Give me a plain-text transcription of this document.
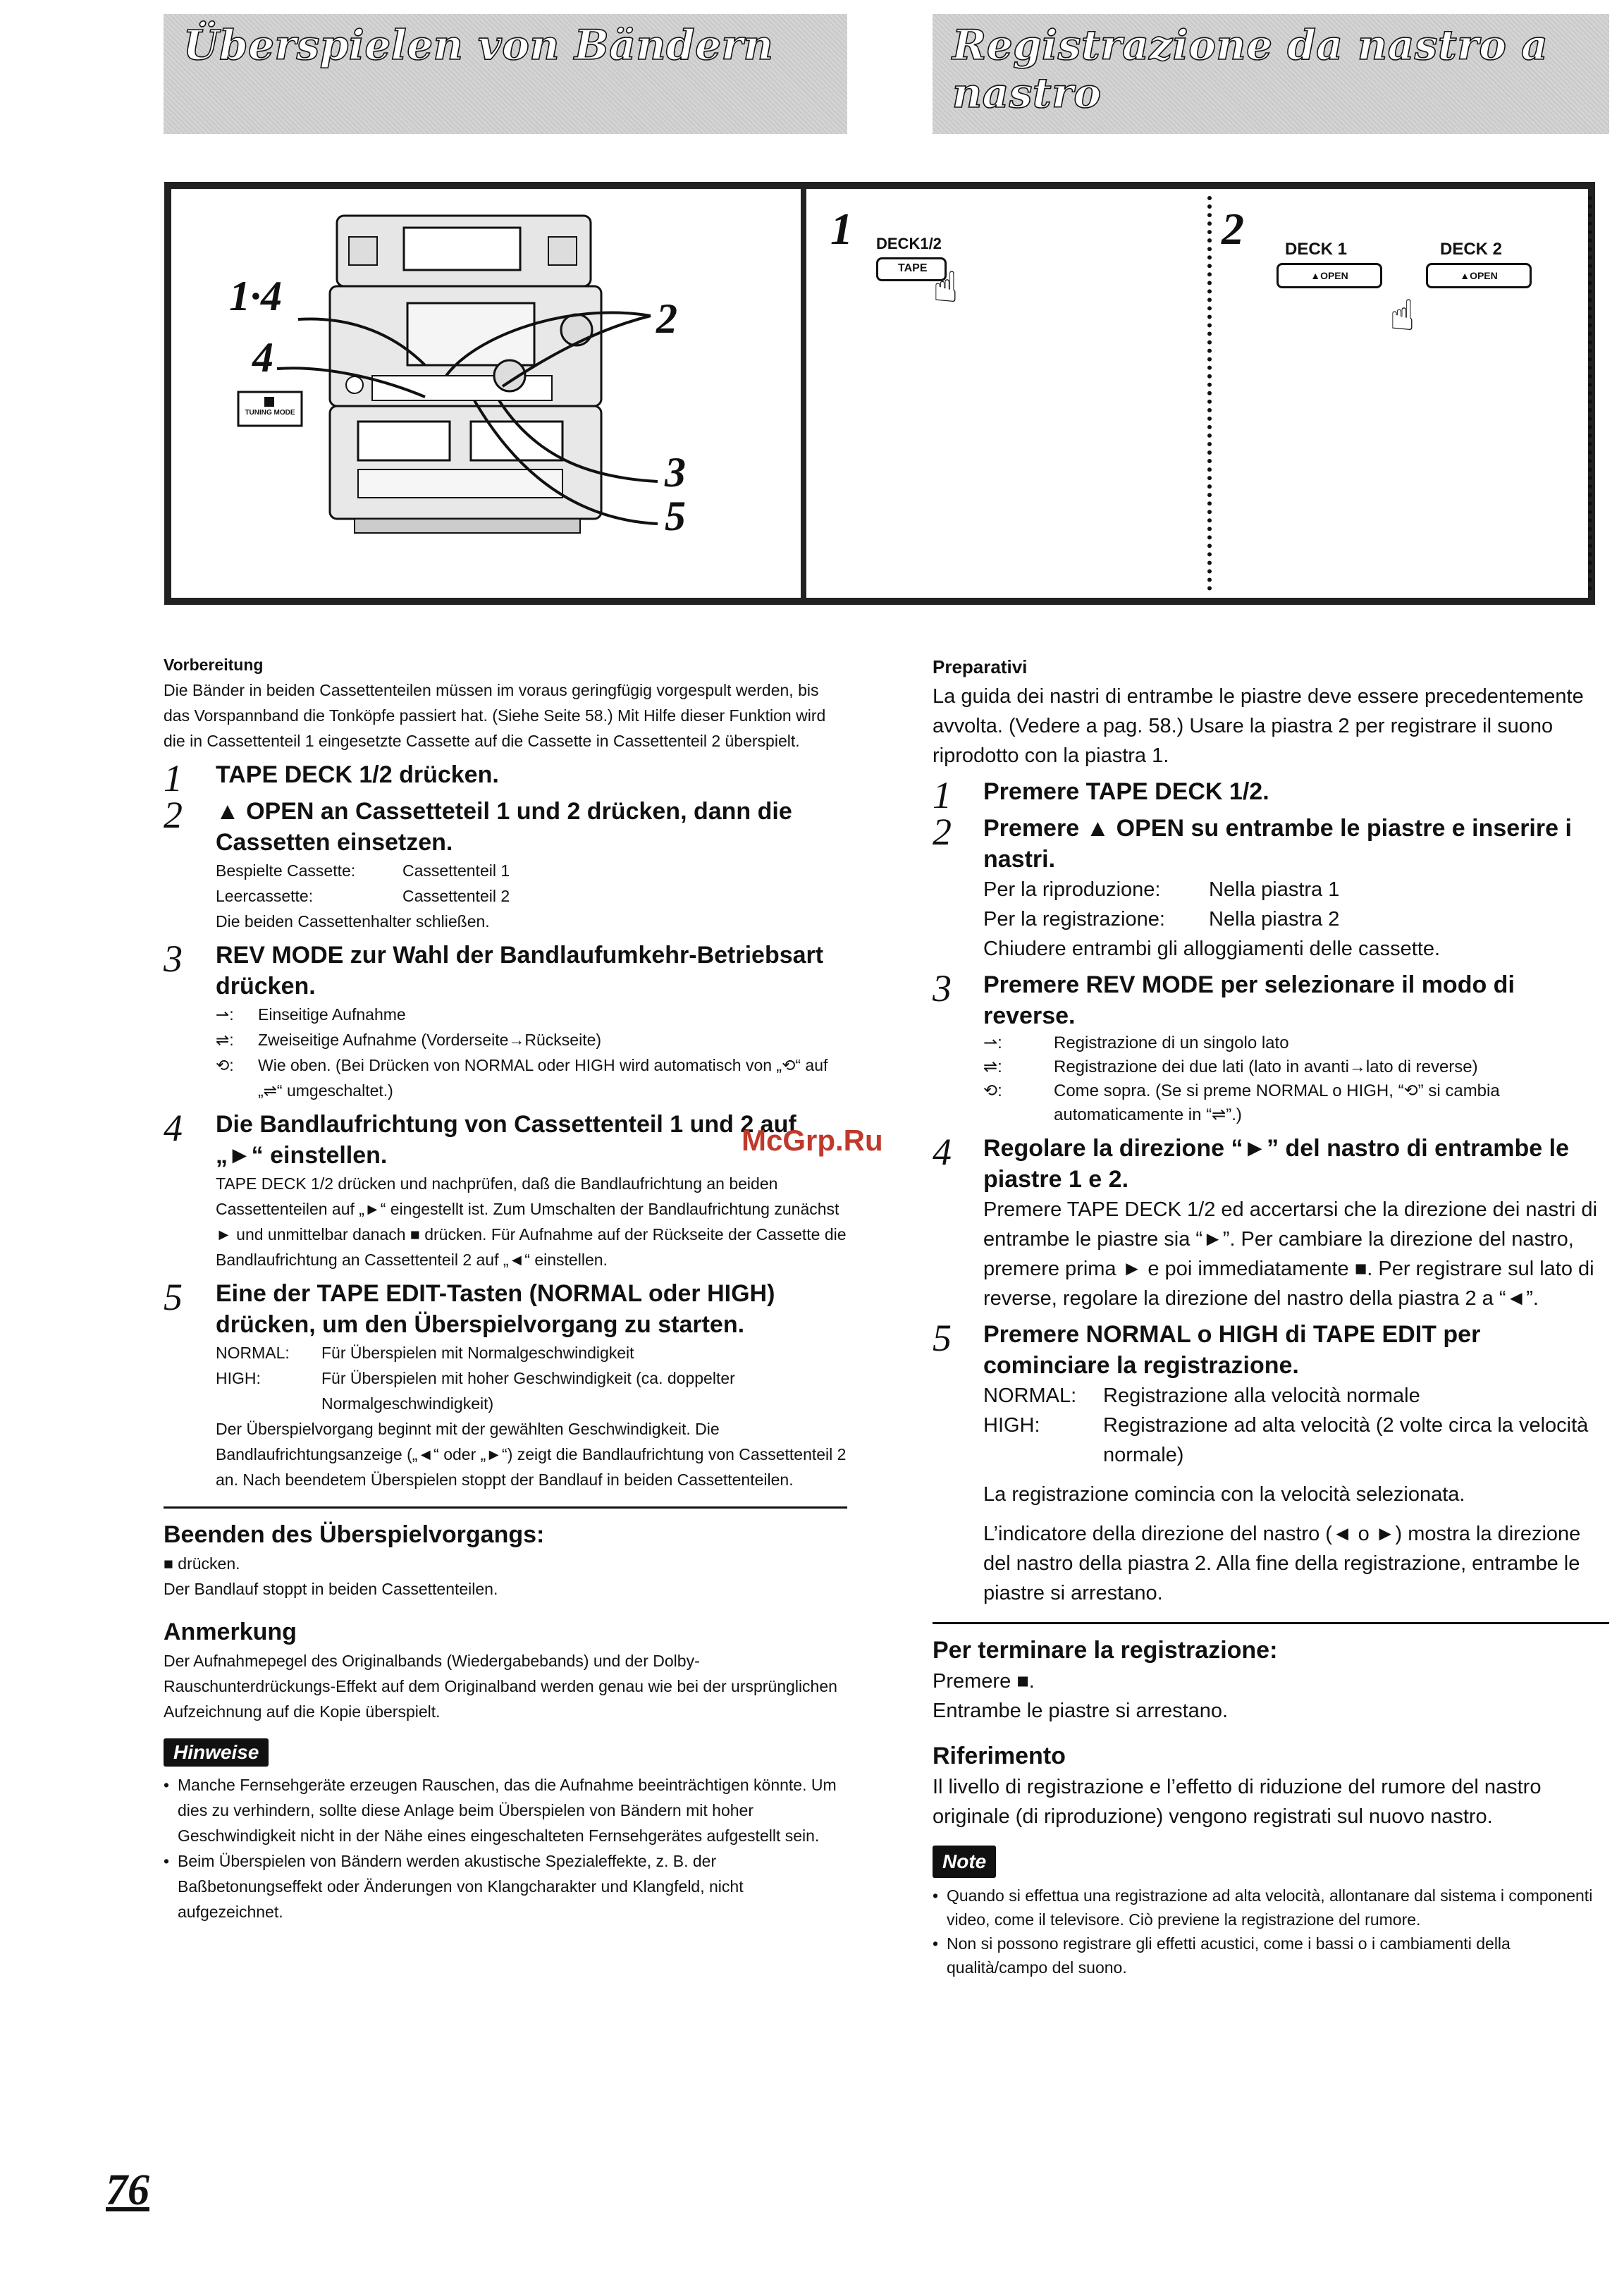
Überspielen von Bändern	Registrazione da nastro a nastro
1·4	2
4
3
5
TUNING MODE
1 DECK1/2
TAPE ☝
2 DECK 1	DECK 2
▲OPEN	▲OPEN
☝
Vorbereitung
Die Bänder in beiden Cassettenteilen müssen im voraus geringfügig vorgespult werden, bis das Vorspannband die Tonköpfe passiert hat. (Siehe Seite 58.) Mit Hilfe dieser Funktion wird die in Cassettenteil 1 eingesetzte Cassette auf die Cassette in Cassettenteil 2 überspielt.
1 TAPE DECK 1/2 drücken.
2 ▲ OPEN an Cassetteteil 1 und 2 drücken, dann die Cassetten einsetzen.
Bespielte Cassette:	Cassettenteil 1
Leercassette:	Cassettenteil 2
Die beiden Cassettenhalter schließen.
3 REV MODE zur Wahl der Bandlaufumkehr-Betriebsart drücken.
⇀:	Einseitige Aufnahme
⇌:	Zweiseitige Aufnahme (Vorderseite→Rückseite)
⟲:	Wie oben. (Bei Drücken von NORMAL oder HIGH wird automatisch von „⟲“ auf „⇌“ umgeschaltet.)
4 Die Bandlaufrichtung von Cassettenteil 1 und 2 auf „►“ einstellen.
TAPE DECK 1/2 drücken und nachprüfen, daß die Bandlaufrichtung an beiden Cassettenteilen auf „►“ eingestellt ist. Zum Umschalten der Bandlaufrichtung zunächst ► und unmittelbar danach ■ drücken. Für Aufnahme auf der Rückseite der Cassette die Bandlaufrichtung an Cassettenteil 2 auf „◄“ einstellen.
5 Eine der TAPE EDIT-Tasten (NORMAL oder HIGH) drücken, um den Überspielvorgang zu starten.
NORMAL:	Für Überspielen mit Normalgeschwindigkeit
HIGH:	Für Überspielen mit hoher Geschwindigkeit (ca. doppelter Normalgeschwindigkeit)
Der Überspielvorgang beginnt mit der gewählten Geschwindigkeit. Die Bandlaufrichtungsanzeige („◄“ oder „►“) zeigt die Bandlaufrichtung von Cassettenteil 2 an. Nach beendetem Überspielen stoppt der Bandlauf in beiden Cassettenteilen.
Beenden des Überspielvorgangs:
■ drücken.
Der Bandlauf stoppt in beiden Cassettenteilen.
Anmerkung
Der Aufnahmepegel des Originalbands (Wiedergabebands) und der Dolby-Rauschunterdrückungs-Effekt auf dem Originalband werden genau wie bei der ursprünglichen Aufzeichnung auf die Kopie überspielt.
Hinweise
• Manche Fernsehgeräte erzeugen Rauschen, das die Aufnahme beeinträchtigen könnte. Um dies zu verhindern, sollte diese Anlage beim Überspielen von Bändern mit hoher Geschwindigkeit nicht in der Nähe eines eingeschalteten Fernsehgerätes aufgestellt sein.
• Beim Überspielen von Bändern werden akustische Spezialeffekte, z. B. der Baßbetonungseffekt oder Änderungen von Klangcharakter und Klangfeld, nicht aufgezeichnet.
Preparativi
La guida dei nastri di entrambe le piastre deve essere precedentemente avvolta. (Vedere a pag. 58.) Usare la piastra 2 per registrare il suono riprodotto con la piastra 1.
1 Premere TAPE DECK 1/2.
2 Premere ▲ OPEN su entrambe le piastre e inserire i nastri.
Per la riproduzione:	Nella piastra 1
Per la registrazione:	Nella piastra 2
Chiudere entrambi gli alloggiamenti delle cassette.
3 Premere REV MODE per selezionare il modo di reverse.
⇀:	Registrazione di un singolo lato
⇌:	Registrazione dei due lati (lato in avanti→lato di reverse)
⟲:	Come sopra. (Se si preme NORMAL o HIGH, “⟲” si cambia automaticamente in “⇌”.)
4 Regolare la direzione “►” del nastro di entrambe le piastre 1 e 2.
Premere TAPE DECK 1/2 ed accertarsi che la direzione dei nastri di entrambe le piastre sia “►”. Per cambiare la direzione del nastro, premere prima ► e poi immediatamente ■. Per registrare sul lato di reverse, regolare la direzione del nastro della piastra 2 a “◄”.
5 Premere NORMAL o HIGH di TAPE EDIT per cominciare la registrazione.
NORMAL:	Registrazione alla velocità normale
HIGH:	Registrazione ad alta velocità (2 volte circa la velocità normale)
La registrazione comincia con la velocità selezionata.
L’indicatore della direzione del nastro (◄ o ►) mostra la direzione del nastro della piastra 2. Alla fine della registrazione, entrambe le piastre si arrestano.
Per terminare la registrazione:
Premere ■.
Entrambe le piastre si arrestano.
Riferimento
Il livello di registrazione e l’effetto di riduzione del rumore del nastro originale (di riproduzione) vengono registrati sul nuovo nastro.
Note
• Quando si effettua una registrazione ad alta velocità, allontanare dal sistema i componenti video, come il televisore. Ciò previene la registrazione del rumore.
• Non si possono registrare gli effetti acustici, come i bassi o i cambiamenti della qualità/campo del suono.
McGrp.Ru
76
